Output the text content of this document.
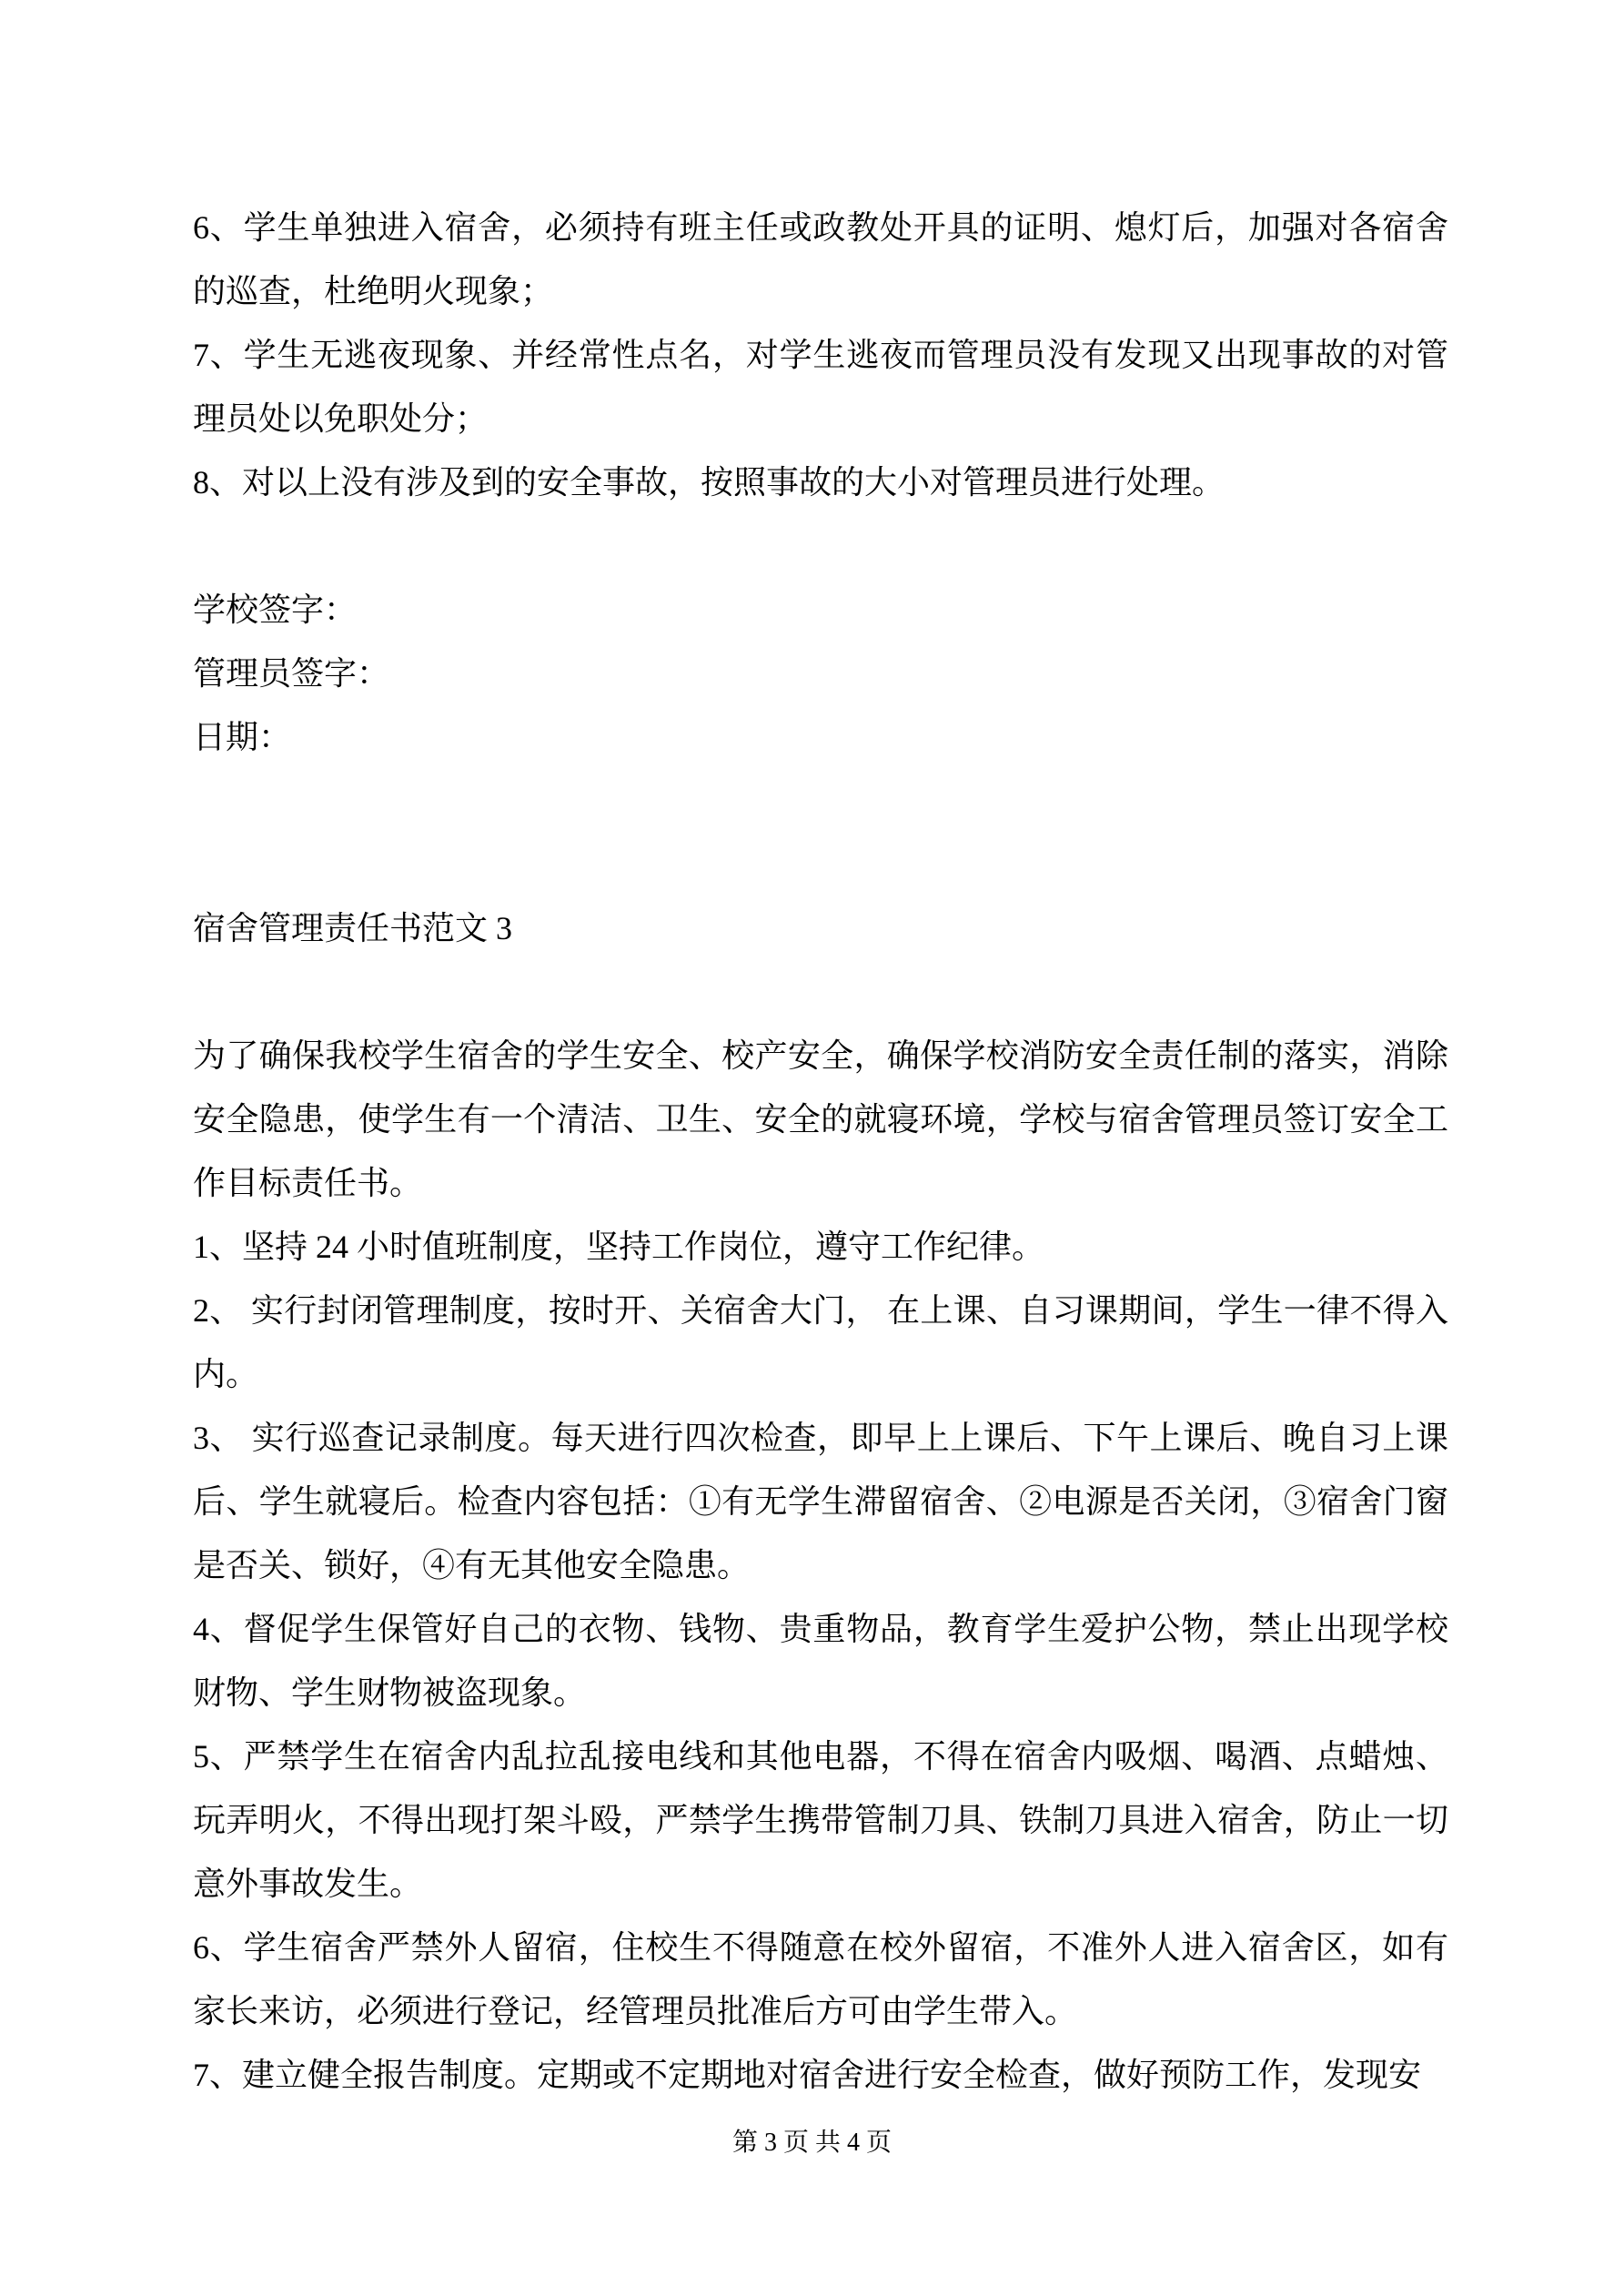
6、学生单独进入宿舍，必须持有班主任或政教处开具的证明、熄灯后，加强对各宿舍的巡查，杜绝明火现象；

7、学生无逃夜现象、并经常性点名，对学生逃夜而管理员没有发现又出现事故的对管理员处以免职处分；

8、对以上没有涉及到的安全事故，按照事故的大小对管理员进行处理。

学校签字：

管理员签字：

日期：

宿舍管理责任书范文 3

为了确保我校学生宿舍的学生安全、校产安全，确保学校消防安全责任制的落实，消除安全隐患，使学生有一个清洁、卫生、安全的就寝环境，学校与宿舍管理员签订安全工作目标责任书。

1、坚持 24 小时值班制度，坚持工作岗位，遵守工作纪律。

2、 实行封闭管理制度，按时开、关宿舍大门， 在上课、自习课期间，学生一律不得入内。

3、 实行巡查记录制度。每天进行四次检查，即早上上课后、下午上课后、晚自习上课后、学生就寝后。检查内容包括：①有无学生滞留宿舍、②电源是否关闭，③宿舍门窗是否关、锁好，④有无其他安全隐患。

4、督促学生保管好自己的衣物、钱物、贵重物品，教育学生爱护公物，禁止出现学校财物、学生财物被盗现象。

5、严禁学生在宿舍内乱拉乱接电线和其他电器，不得在宿舍内吸烟、喝酒、点蜡烛、玩弄明火，不得出现打架斗殴，严禁学生携带管制刀具、铁制刀具进入宿舍，防止一切意外事故发生。

6、学生宿舍严禁外人留宿，住校生不得随意在校外留宿，不准外人进入宿舍区，如有家长来访，必须进行登记，经管理员批准后方可由学生带入。

7、建立健全报告制度。定期或不定期地对宿舍进行安全检查，做好预防工作，发现安

第 3 页 共 4 页
